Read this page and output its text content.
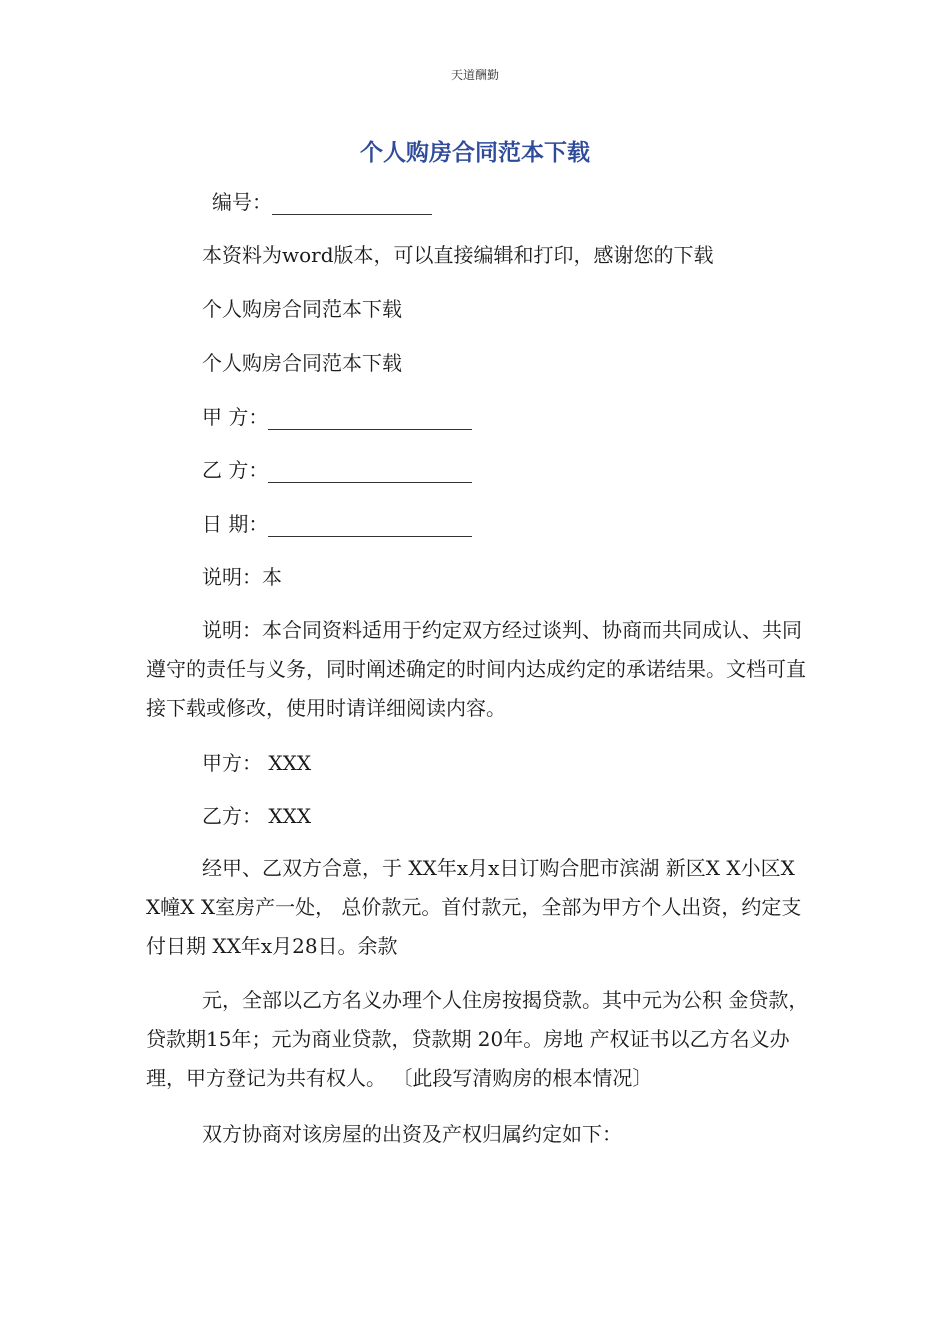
天道酬勤
个人购房合同范本下载
编号：
本资料为word版本，可以直接编辑和打印，感谢您的下载
个人购房合同范本下载
个人购房合同范本下载
甲 方：
乙 方：
日 期：
说明：本
说明：本合同资料适用于约定双方经过谈判、协商而共同成认、共同遵守的责任与义务，同时阐述确定的时间内达成约定的承诺结果。文档可直接下载或修改，使用时请详细阅读内容。
甲方： XXX
乙方： XXX
经甲、乙双方合意，于 XX年x月x日订购合肥市滨湖 新区X X小区X X幢X X室房产一处， 总价款元。首付款元，全部为甲方个人出资，约定支付日期 XX年x月28日。余款
元，全部以乙方名义办理个人住房按揭贷款。其中元为公积 金贷款，贷款期15年；元为商业贷款，贷款期 20年。房地 产权证书以乙方名义办理，甲方登记为共有权人。 〔此段写清购房的根本情况〕
双方协商对该房屋的出资及产权归属约定如下：
